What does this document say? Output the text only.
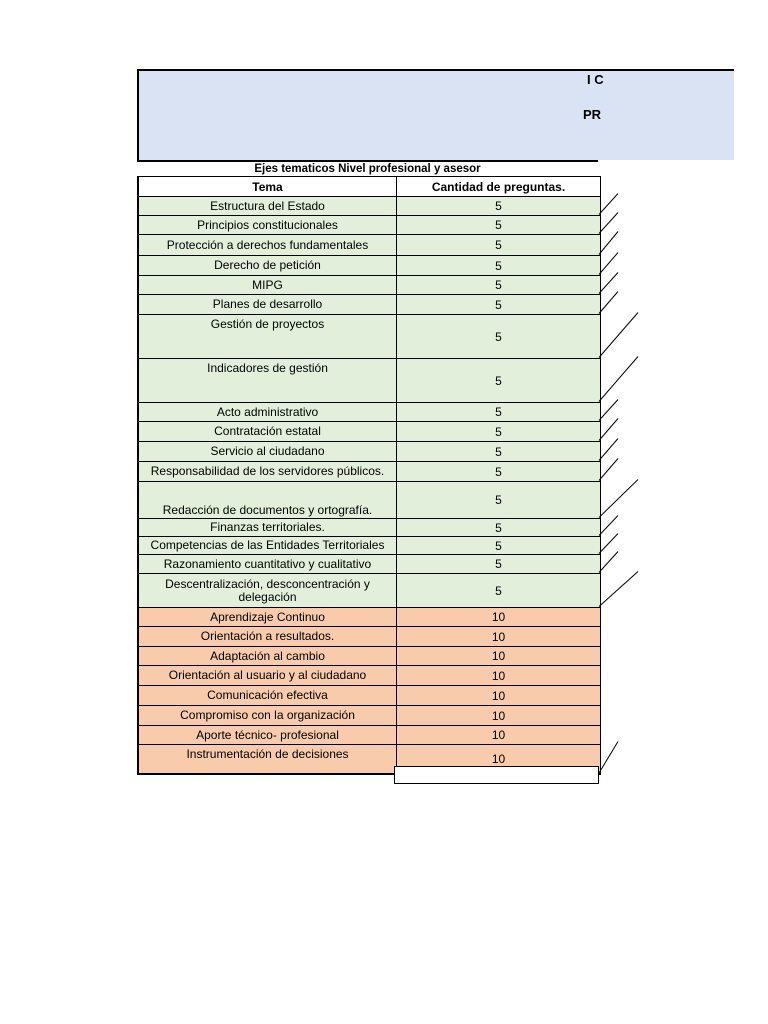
I C
PR
Ejes tematicos Nivel profesional y asesor
Tema	Cantidad de preguntas.
Estructura del Estado	5
Principios constitucionales	5
Protección a derechos fundamentales	5
Derecho de petición	5
MIPG	5
Planes de desarrollo	5
Gestión de proyectos	5
Indicadores de gestión	5
Acto administrativo	5
Contratación estatal	5
Servicio al ciudadano	5
Responsabilidad de los servidores públicos.	5
Redacción de documentos y ortografía.	5
Finanzas territoriales.	5
Competencias de las Entidades Territoriales	5
Razonamiento cuantitativo y cualitativo	5
Descentralización, desconcentración y delegación	5
Aprendizaje Continuo	10
Orientación a resultados.	10
Adaptación al cambio	10
Orientación al usuario y al ciudadano	10
Comunicación efectiva	10
Compromiso con la organización	10
Aporte técnico- profesional	10
Instrumentación de decisiones	10
